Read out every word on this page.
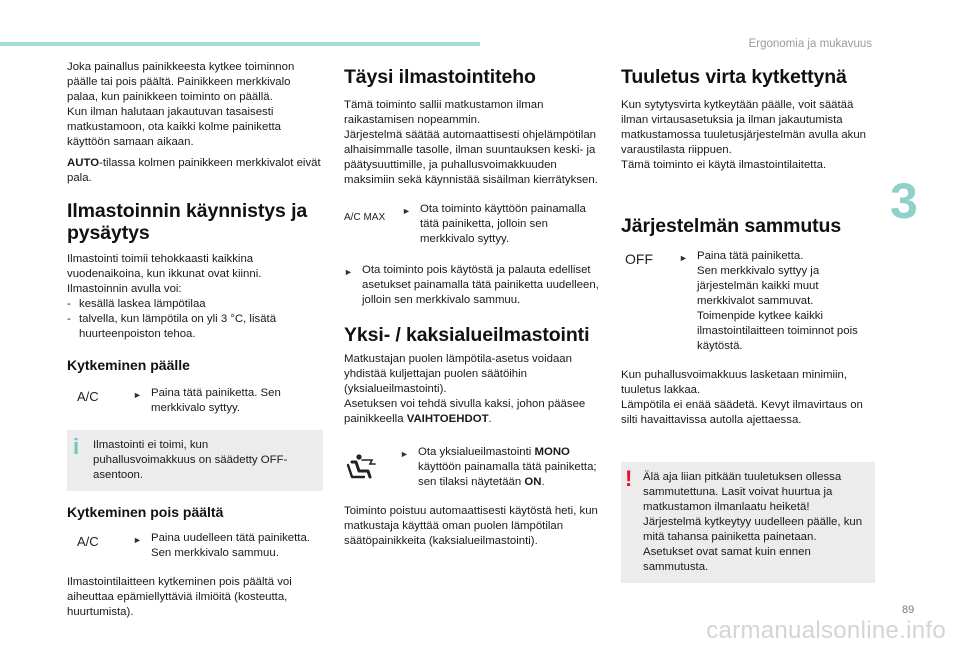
Ergonomia ja mukavuus
3

Joka painallus painikkeesta kytkee toiminnon päälle tai pois päältä. Painikkeen merkkivalo palaa, kun painikkeen toiminto on päällä.

Kun ilman halutaan jakautuvan tasaisesti matkustamoon, ota kaikki kolme painiketta käyttöön samaan aikaan.

AUTO-tilassa kolmen painikkeen merkkivalot eivät pala.

Ilmastoinnin käynnistys ja pysäytys

Ilmastointi toimii tehokkaasti kaikkina vuodenaikoina, kun ikkunat ovat kiinni.

Ilmastoinnin avulla voi:

- kesällä laskea lämpötilaa
- talvella, kun lämpötila on yli 3 °C, lisätä huurteenpoiston tehoa.
Kytkeminen päälle
A/C	► Paina tätä painiketta. Sen merkkivalo syttyy.
i	Ilmastointi ei toimi, kun puhallusvoimakkuus on säädetty OFF-asentoon.

Kytkeminen pois päältä
A/C	► Paina uudelleen tätä painiketta. Sen merkkivalo sammuu.

Ilmastointilaitteen kytkeminen pois päältä voi aiheuttaa epämiellyttäviä ilmiöitä (kosteutta, huurtumista).

Täysi ilmastointiteho

Tämä toiminto sallii matkustamon ilman raikastamisen nopeammin.

Järjestelmä säätää automaattisesti ohjelämpötilan alhaisimmalle tasolle, ilman suuntauksen keski- ja päätysuuttimille, ja puhallusvoimakkuuden maksimiin sekä käynnistää sisäilman kierrätyksen.

A/C MAX
► Ota toiminto käyttöön painamalla tätä painiketta, jolloin sen merkkivalo syttyy.
► Ota toiminto pois käytöstä ja palauta edelliset asetukset painamalla tätä painiketta uudelleen, jolloin sen merkkivalo sammuu.
Yksi- / kaksialueilmastointi

Matkustajan puolen lämpötila-asetus voidaan yhdistää kuljettajan puolen säätöihin (yksialueilmastointi).

Asetuksen voi tehdä sivulla kaksi, johon pääsee painikkeella VAIHTOEHDOT.

► Ota yksialueilmastointi MONO käyttöön painamalla tätä painiketta; sen tilaksi näytetään ON.

Toiminto poistuu automaattisesti käytöstä heti, kun matkustaja käyttää oman puolen lämpötilan säätöpainikkeita (kaksialueilmastointi).

Tuuletus virta kytkettynä

Kun sytytysvirta kytkeytään päälle, voit säätää ilman virtausasetuksia ja ilman jakautumista matkustamossa tuuletusjärjestelmän avulla akun varaustilasta riippuen.

Tämä toiminto ei käytä ilmastointilaitetta.

Järjestelmän sammutus
OFF	► Paina tätä painiketta.

Sen merkkivalo syttyy ja järjestelmän kaikki muut merkkivalot sammuvat.

Toimenpide kytkee kaikki ilmastointilaitteen toiminnot pois käytöstä.

Kun puhallusvoimakkuus lasketaan minimiin, tuuletus lakkaa.

Lämpötila ei enää säädetä. Kevyt ilmavirtaus on silti havaittavissa autolla ajettaessa.

! Älä aja liian pitkään tuuletuksen ollessa sammutettuna. Lasit voivat huurtua ja matkustamon ilmanlaatu heiketä! Järjestelmä kytkeytyy uudelleen päälle, kun mitä tahansa painiketta painetaan. Asetukset ovat samat kuin ennen sammutusta.

89
carmanualsonline.info
